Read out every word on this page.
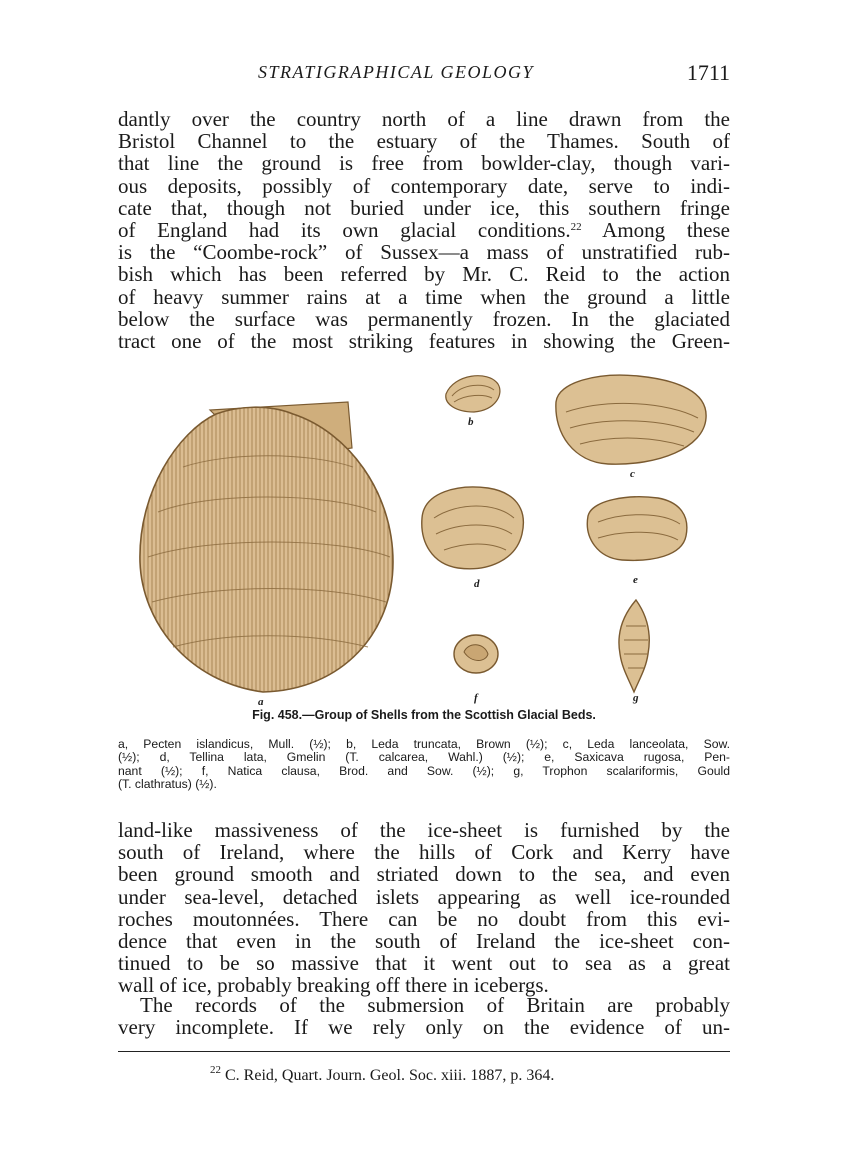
STRATIGRAPHICAL GEOLOGY	1711
dantly over the country north of a line drawn from the
Bristol Channel to the estuary of the Thames. South of
that line the ground is free from bowlder-clay, though vari-
ous deposits, possibly of contemporary date, serve to indi-
cate that, though not buried under ice, this southern fringe
of England had its own glacial conditions.$^{22}$ Among these
is the “Coombe-rock” of Sussex—a mass of unstratified rub-
bish which has been referred by Mr. C. Reid to the action
of heavy summer rains at a time when the ground a little
below the surface was permanently frozen. In the glaciated
tract one of the most striking features in showing the Green-
a
b
c
d	e
f	g
Fig. 458.—Group of Shells from the Scottish Glacial Beds.
a, Pecten islandicus, Mull. (½); b, Leda truncata, Brown (½); c, Leda lanceolata, Sow.
(½); d, Tellina lata, Gmelin (T. calcarea, Wahl.) (½); e, Saxicava rugosa, Pen-
nant (½); f, Natica clausa, Brod. and Sow. (½); g, Trophon scalariformis, Gould
(T. clathratus) (½).
land-like massiveness of the ice-sheet is furnished by the
south of Ireland, where the hills of Cork and Kerry have
been ground smooth and striated down to the sea, and even
under sea-level, detached islets appearing as well ice-rounded
roches moutonnées. There can be no doubt from this evi-
dence that even in the south of Ireland the ice-sheet con-
tinued to be so massive that it went out to sea as a great
wall of ice, probably breaking off there in icebergs.
The records of the submersion of Britain are probably
very incomplete. If we rely only on the evidence of un-
$^{22}$ C. Reid, Quart. Journ. Geol. Soc. xiii. 1887, p. 364.
